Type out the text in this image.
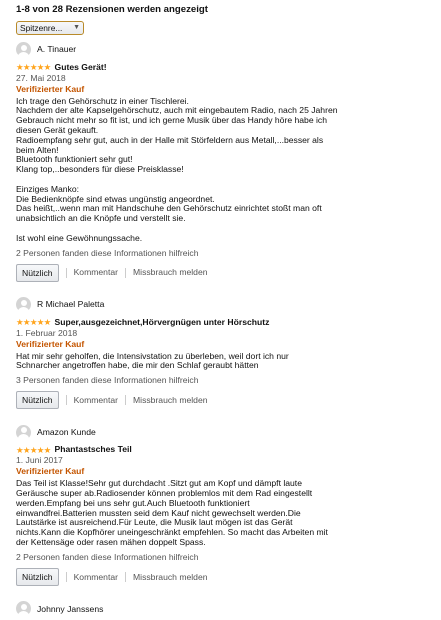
1-8 von 28 Rezensionen werden angezeigt
Spitzenre... ▼
A. Tinauer
★★★★★ Gutes Gerät!
27. Mai 2018
Verifizierter Kauf
Ich trage den Gehörschutz in einer Tischlerei.
Nachdem der alte Kapselgehörschutz, auch mit eingebautem Radio, nach 25 Jahren
Gebrauch nicht mehr so fit ist, und ich gerne Musik über das Handy höre habe ich
diesen Gerät gekauft.
Radioempfang sehr gut, auch in der Halle mit Störfeldern aus Metall,...besser als
beim Alten!
Bluetooth funktioniert sehr gut!
Klang top,..besonders für diese Preisklasse!
Einziges Manko:
Die Bedienknöpfe sind etwas ungünstig angeordnet.
Das heißt,..wenn man mit Handschuhe den Gehörschutz einrichtet stoßt man oft
unabsichtlich an die Knöpfe und verstellt sie.
Ist wohl eine Gewöhnungssache.
2 Personen fanden diese Informationen hilfreich
Nützlich	Kommentar Missbrauch melden
R Michael Paletta
★★★★★ Super,ausgezeichnet,Hörvergnügen unter Hörschutz
1. Februar 2018
Verifizierter Kauf
Hat mir sehr geholfen, die Intensivstation zu überleben, weil dort ich nur
Schnarcher angetroffen habe, die mir den Schlaf geraubt hätten
3 Personen fanden diese Informationen hilfreich
Nützlich	Kommentar Missbrauch melden
Amazon Kunde
★★★★★ Phantastsches Teil
1. Juni 2017
Verifizierter Kauf
Das Teil ist Klasse!Sehr gut durchdacht .Sitzt gut am Kopf und dämpft laute
Geräusche super ab.Radiosender können problemlos mit dem Rad eingestellt
werden.Empfang bei uns sehr gut.Auch Bluetooth funktioniert
einwandfrei.Batterien mussten seid dem Kauf nicht gewechselt werden.Die
Lautstärke ist ausreichend.Für Leute, die Musik laut mögen ist das Gerät
nichts.Kann die Kopfhörer uneingeschränkt empfehlen. So macht das Arbeiten mit
der Kettensäge oder rasen mähen doppelt Spass.
2 Personen fanden diese Informationen hilfreich
Nützlich	Kommentar Missbrauch melden
Johnny Janssens
